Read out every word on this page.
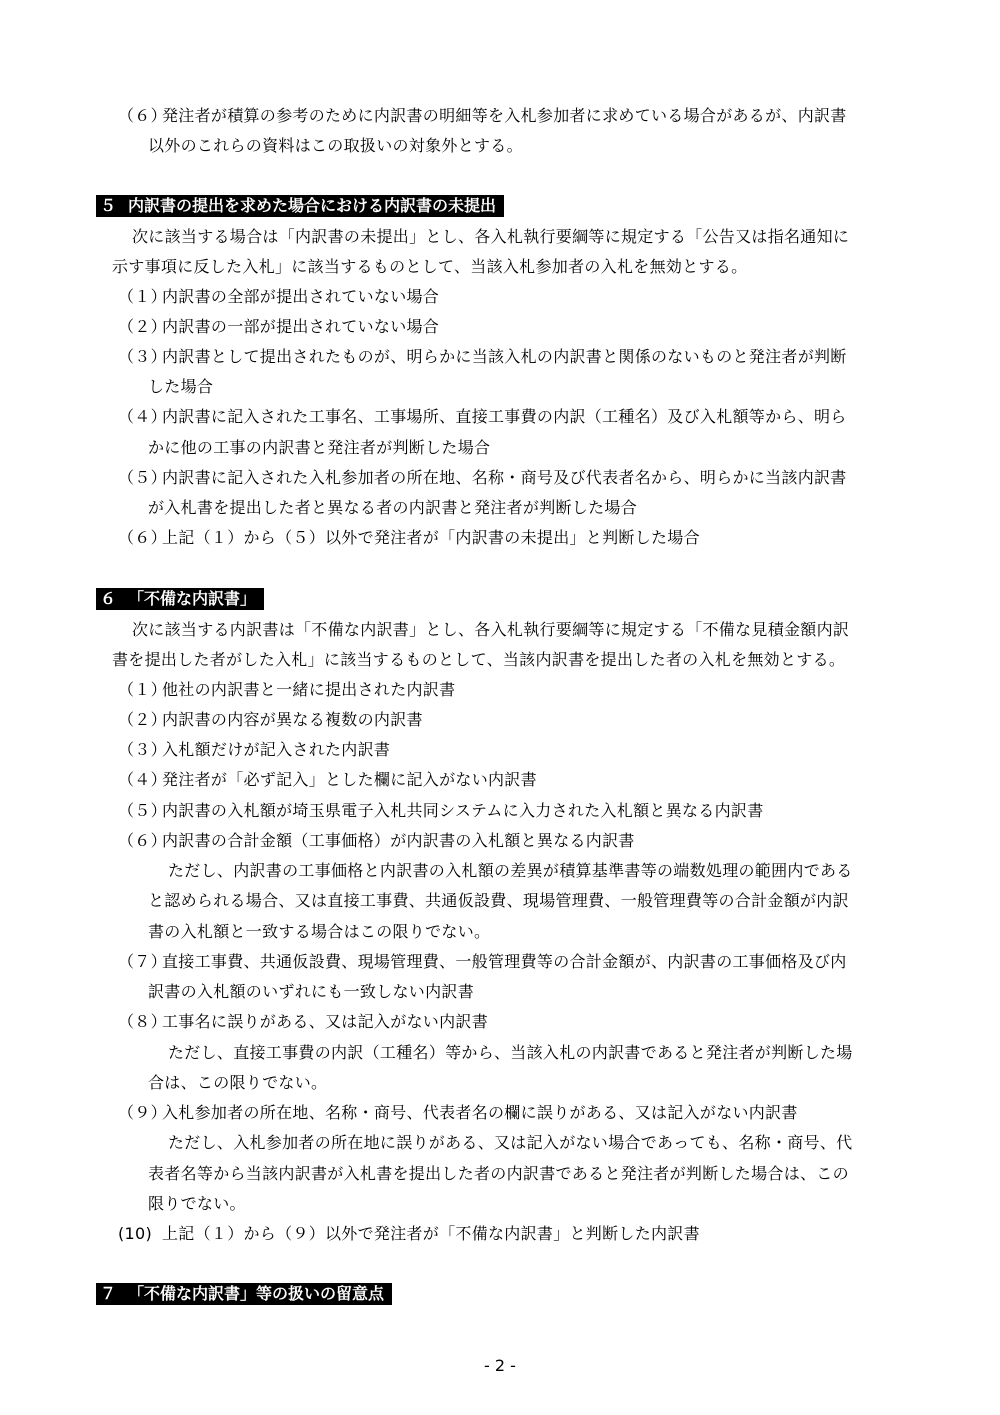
（６）発注者が積算の参考のために内訳書の明細等を入札参加者に求めている場合があるが、内訳書
以外のこれらの資料はこの取扱いの対象外とする。
５ 内訳書の提出を求めた場合における内訳書の未提出
次に該当する場合は「内訳書の未提出」とし、各入札執行要綱等に規定する「公告又は指名通知に
示す事項に反した入札」に該当するものとして、当該入札参加者の入札を無効とする。
（１）内訳書の全部が提出されていない場合
（２）内訳書の一部が提出されていない場合
（３）内訳書として提出されたものが、明らかに当該入札の内訳書と関係のないものと発注者が判断
した場合
（４）内訳書に記入された工事名、工事場所、直接工事費の内訳（工種名）及び入札額等から、明ら
かに他の工事の内訳書と発注者が判断した場合
（５）内訳書に記入された入札参加者の所在地、名称・商号及び代表者名から、明らかに当該内訳書
が入札書を提出した者と異なる者の内訳書と発注者が判断した場合
（６）上記（１）から（５）以外で発注者が「内訳書の未提出」と判断した場合
６ 「不備な内訳書」
次に該当する内訳書は「不備な内訳書」とし、各入札執行要綱等に規定する「不備な見積金額内訳
書を提出した者がした入札」に該当するものとして、当該内訳書を提出した者の入札を無効とする。
（１）他社の内訳書と一緒に提出された内訳書
（２）内訳書の内容が異なる複数の内訳書
（３）入札額だけが記入された内訳書
（４）発注者が「必ず記入」とした欄に記入がない内訳書
（５）内訳書の入札額が埼玉県電子入札共同システムに入力された入札額と異なる内訳書
（６）内訳書の合計金額（工事価格）が内訳書の入札額と異なる内訳書
ただし、内訳書の工事価格と内訳書の入札額の差異が積算基準書等の端数処理の範囲内である
と認められる場合、又は直接工事費、共通仮設費、現場管理費、一般管理費等の合計金額が内訳
書の入札額と一致する場合はこの限りでない。
（７）直接工事費、共通仮設費、現場管理費、一般管理費等の合計金額が、内訳書の工事価格及び内
訳書の入札額のいずれにも一致しない内訳書
（８）工事名に誤りがある、又は記入がない内訳書
ただし、直接工事費の内訳（工種名）等から、当該入札の内訳書であると発注者が判断した場
合は、この限りでない。
（９）入札参加者の所在地、名称・商号、代表者名の欄に誤りがある、又は記入がない内訳書
ただし、入札参加者の所在地に誤りがある、又は記入がない場合であっても、名称・商号、代
表者名等から当該内訳書が入札書を提出した者の内訳書であると発注者が判断した場合は、この
限りでない。
(10) 上記（１）から（９）以外で発注者が「不備な内訳書」と判断した内訳書
７ 「不備な内訳書」等の扱いの留意点
- 2 -
